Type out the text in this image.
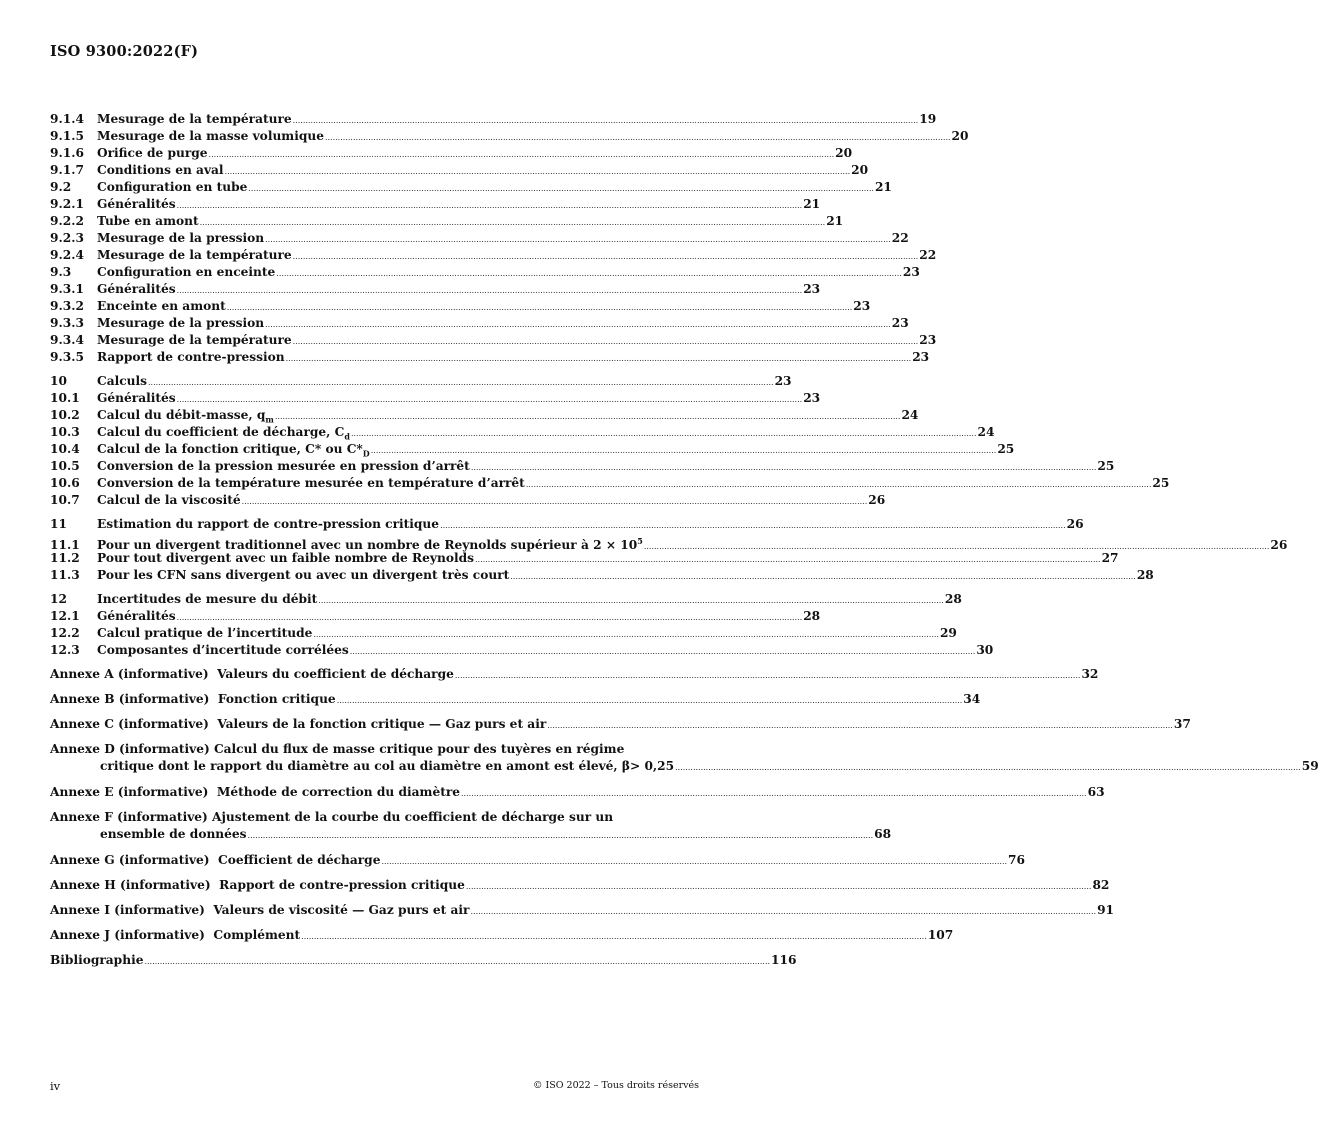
ISO 9300:2022(F)
9.1.4	Mesurage de la température .....	19
9.1.5	Mesurage de la masse volumique .....	20
9.1.6	Orifice de purge .....	20
9.1.7	Conditions en aval .....	20
9.2	Configuration en tube .....	21
9.2.1	Généralités .....	21
9.2.2	Tube en amont .....	21
9.2.3	Mesurage de la pression .....	22
9.2.4	Mesurage de la température .....	22
9.3	Configuration en enceinte .....	23
9.3.1	Généralités .....	23
9.3.2	Enceinte en amont .....	23
9.3.3	Mesurage de la pression .....	23
9.3.4	Mesurage de la température .....	23
9.3.5	Rapport de contre-pression .....	23
10	Calculs .....	23
10.1	Généralités .....	23
10.2	Calcul du débit-masse, $q_m$ .....	24
10.3	Calcul du coefficient de décharge, $C_d$ .....	24
10.4	Calcul de la fonction critique, C* ou $C*_D$ .....	25
10.5	Conversion de la pression mesurée en pression d’arrêt .....	25
10.6	Conversion de la température mesurée en température d’arrêt .....	25
10.7	Calcul de la viscosité .....	26
11	Estimation du rapport de contre-pression critique .....	26
11.1	Pour un divergent traditionnel avec un nombre de Reynolds supérieur à $2 \times 10^5$ .....	26
11.2	Pour tout divergent avec un faible nombre de Reynolds .....	27
11.3	Pour les CFN sans divergent ou avec un divergent très court .....	28
12	Incertitudes de mesure du débit .....	28
12.1	Généralités .....	28
12.2	Calcul pratique de l’incertitude .....	29
12.3	Composantes d’incertitude corrélées .....	30
Annexe A (informative)  Valeurs du coefficient de décharge .....	32
Annexe B (informative)  Fonction critique .....	34
Annexe C (informative)  Valeurs de la fonction critique — Gaz purs et air .....	37
Annexe D (informative) Calcul du flux de masse critique pour des tuyères en régime
critique dont le rapport du diamètre au col au diamètre en amont est élevé, β> 0,25 .....	59
Annexe E (informative)  Méthode de correction du diamètre .....	63
Annexe F (informative) Ajustement de la courbe du coefficient de décharge sur un
ensemble de données .....	68
Annexe G (informative)  Coefficient de décharge .....	76
Annexe H (informative)  Rapport de contre-pression critique .....	82
Annexe I (informative)  Valeurs de viscosité — Gaz purs et air .....	91
Annexe J (informative)  Complément .....	107
Bibliographie .....	116
iv	© ISO 2022 – Tous droits réservés
